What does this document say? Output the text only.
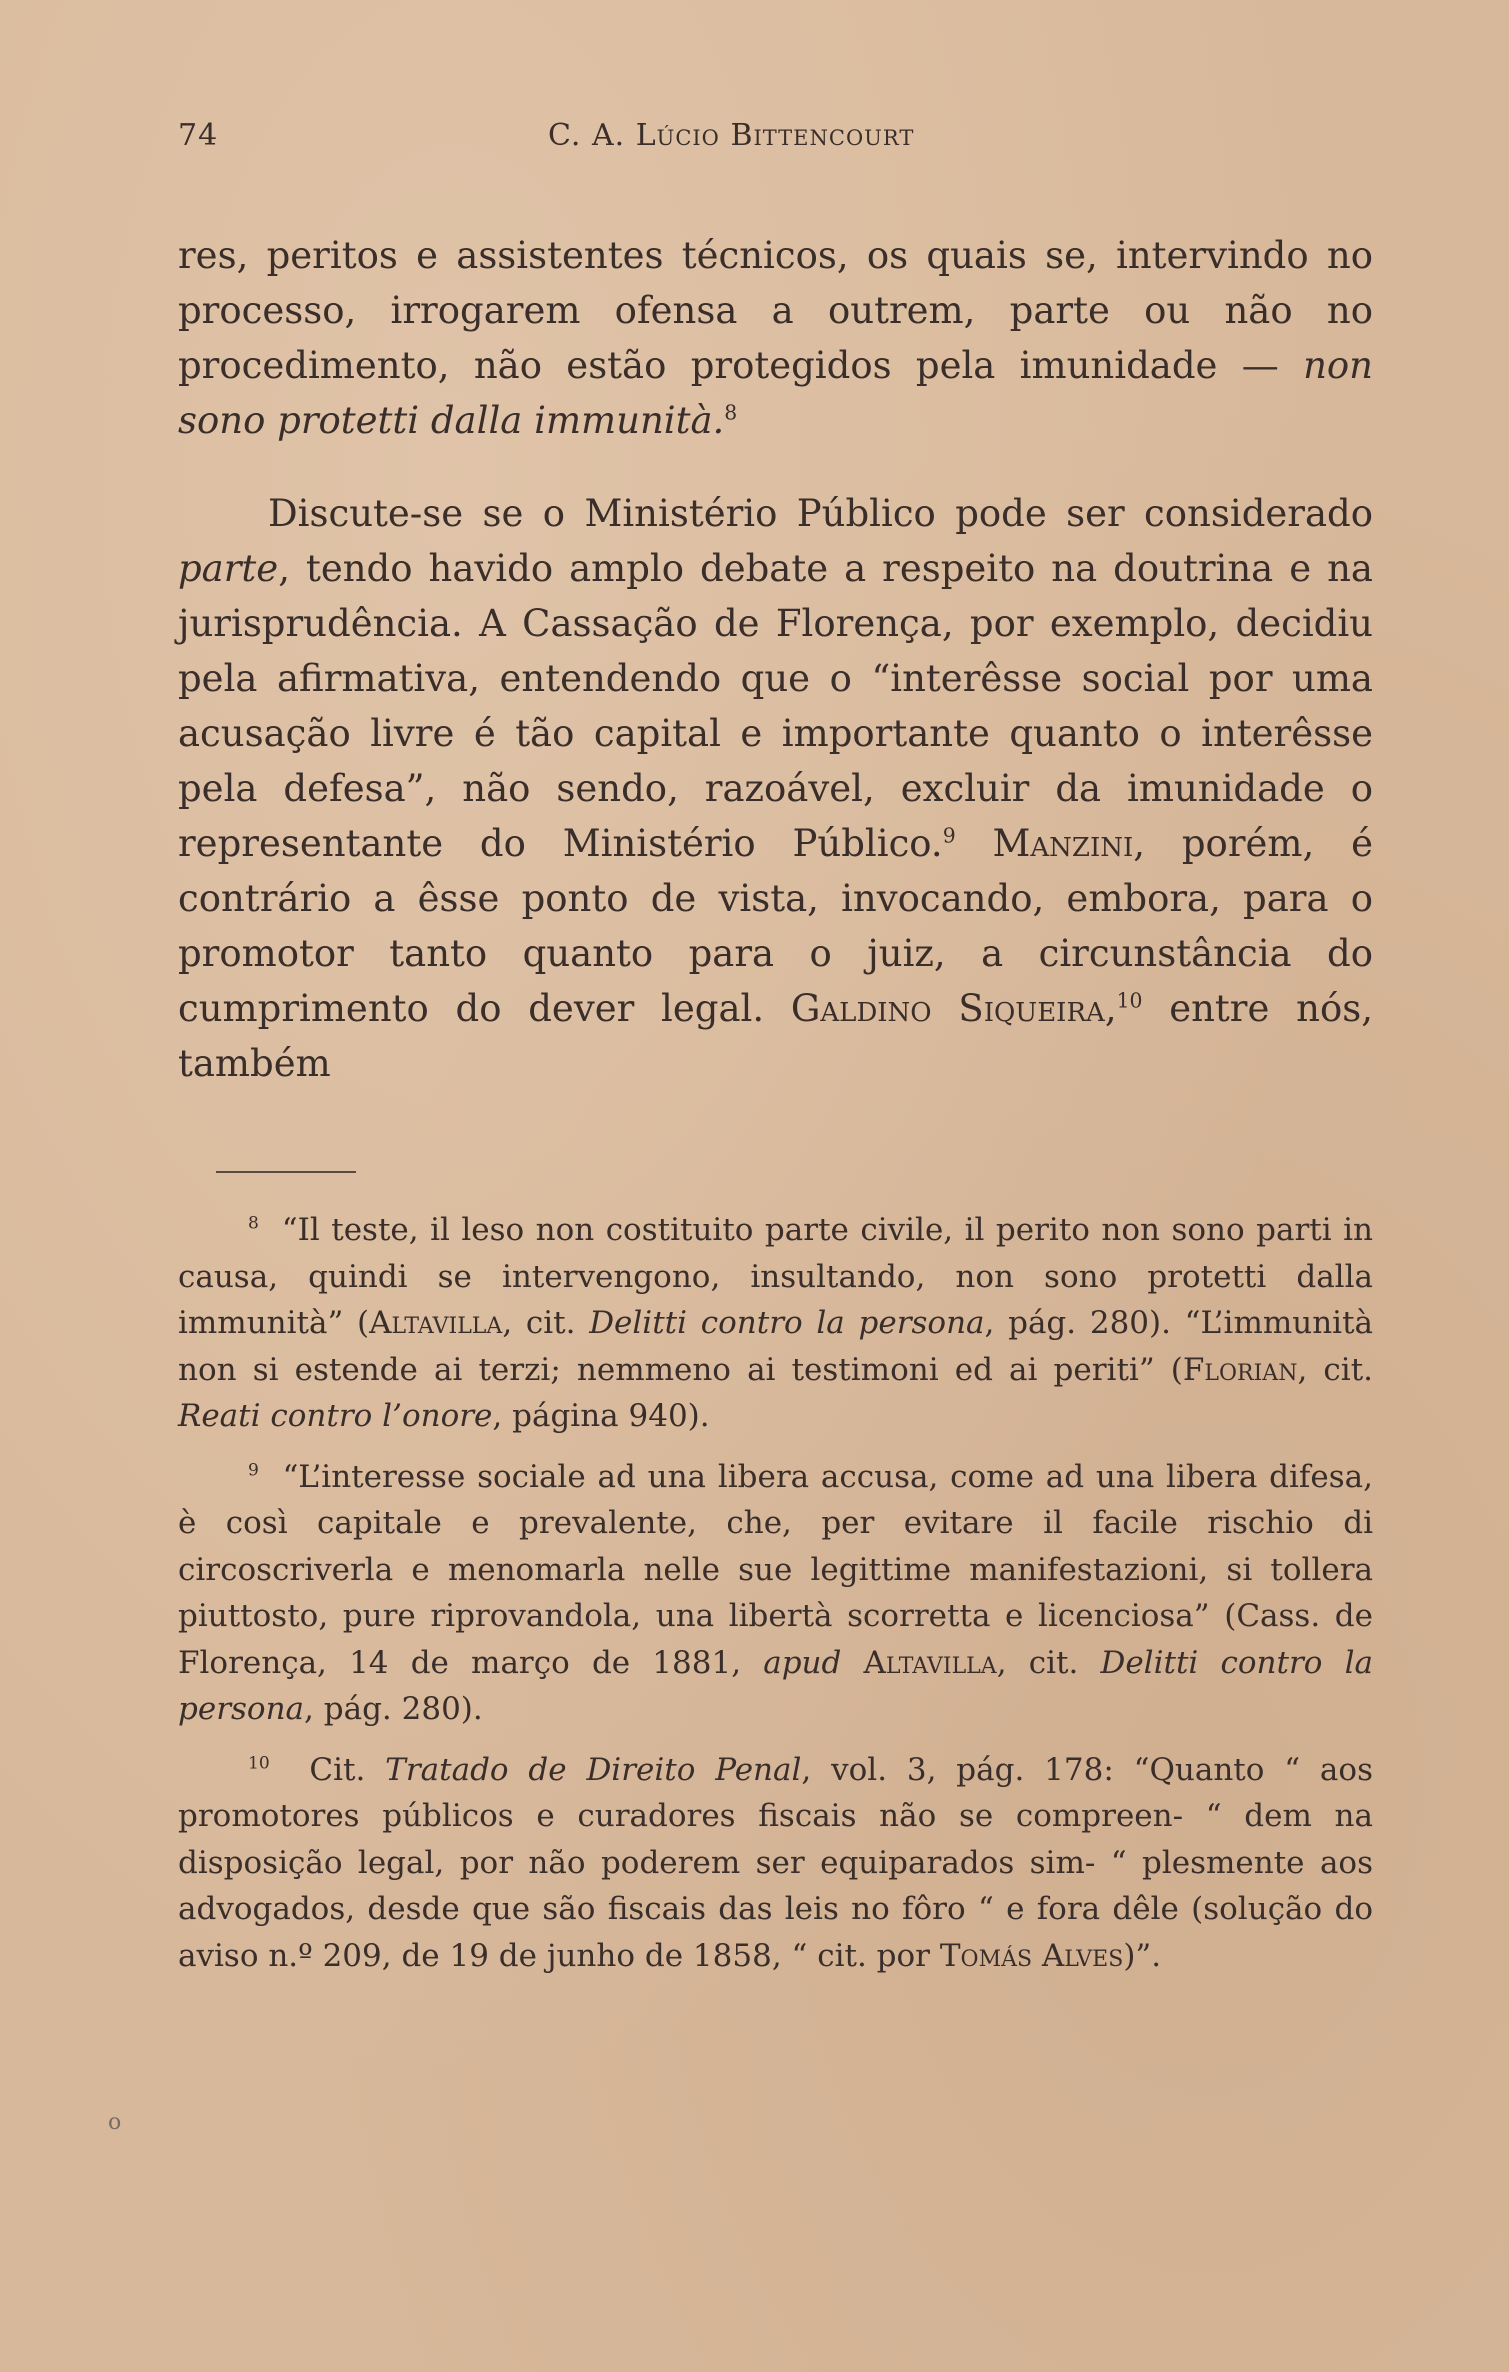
74	C. A. Lúcio Bittencourt

res, peritos e assistentes técnicos, os quais se, intervindo no processo, irrogarem ofensa a outrem, parte ou não no procedimento, não estão protegidos pela imunidade — non sono protetti dalla immunità.$^8$

Discute-se se o Ministério Público pode ser considerado parte, tendo havido amplo debate a respeito na doutrina e na jurisprudência. A Cassação de Florença, por exemplo, decidiu pela afirmativa, entendendo que o “interêsse social por uma acusação livre é tão capital e importante quanto o interêsse pela defesa”, não sendo, razoável, excluir da imunidade o representante do Ministério Público.$^9$ Manzini, porém, é contrário a êsse ponto de vista, invocando, embora, para o promotor tanto quanto para o juiz, a circunstância do cumprimento do dever legal. Galdino Siqueira,$^{10}$ entre nós, também

$^8$ “Il teste, il leso non costituito parte civile, il perito non sono parti in causa, quindi se intervengono, insultando, non sono protetti dalla immunità” (Altavilla, cit. Delitti contro la persona, pág. 280). “L’immunità non si estende ai terzi; nemmeno ai testimoni ed ai periti” (Florian, cit. Reati contro l’onore, página 940).

$^9$ “L’interesse sociale ad una libera accusa, come ad una libera difesa, è così capitale e prevalente, che, per evitare il facile rischio di circoscriverla e menomarla nelle sue legittime manifestazioni, si tollera piuttosto, pure riprovandola, una libertà scorretta e licenciosa” (Cass. de Florença, 14 de março de 1881, apud Altavilla, cit. Delitti contro la persona, pág. 280).

$^{10}$ Cit. Tratado de Direito Penal, vol. 3, pág. 178: “Quanto “ aos promotores públicos e curadores fiscais não se compreen- “ dem na disposição legal, por não poderem ser equiparados sim- “ plesmente aos advogados, desde que são fiscais das leis no fôro “ e fora dêle (solução do aviso n.º 209, de 19 de junho de 1858, “ cit. por Tomás Alves)”.

o
